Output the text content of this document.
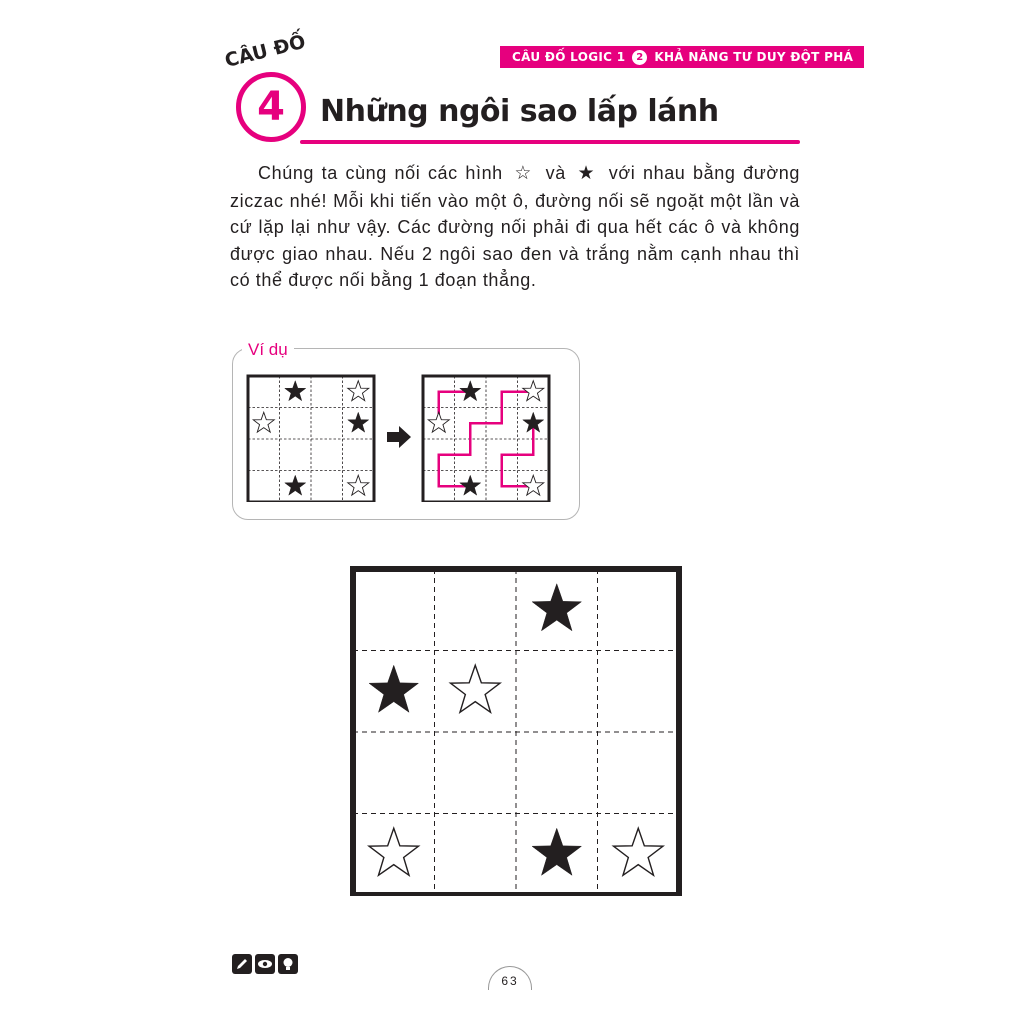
CÂU ĐỐ LOGIC 1	2 KHẢ NĂNG TƯ DUY ĐỘT PHÁ
CÂU ĐỐ
4	Những ngôi sao lấp lánh

Chúng ta cùng nối các hình ☆ và ★ với nhau bằng đường ziczac nhé! Mỗi khi tiến vào một ô, đường nối sẽ ngoặt một lần và cứ lặp lại như vậy. Các đường nối phải đi qua hết các ô và không được giao nhau. Nếu 2 ngôi sao đen và trắng nằm cạnh nhau thì có thể được nối bằng 1 đoạn thẳng.

Ví dụ
63
